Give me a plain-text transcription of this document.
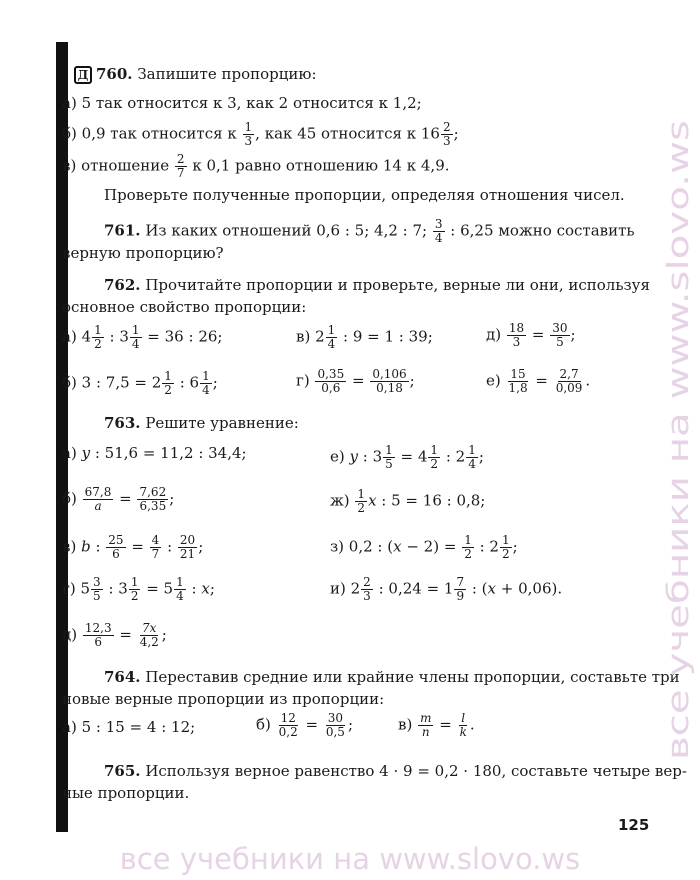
Д 760. Запишите пропорцию:
а) 5 так относится к 3, как 2 относится к 1,2;
б) 0,9 так относится к $\frac{1}{3}$ , как 45 относится к $16 \frac{2}{3}$ ;
в) отношение $\frac{2}{7}$ к 0,1 равно отношению 14 к 4,9.
Проверьте полученные пропорции, определяя отношения чисел.
761. Из каких отношений 0,6 : 5; 4,2 : 7; $\frac{3}{4}$ : 6,25 можно составить
верную пропорцию?
762. Прочитайте пропорции и проверьте, верные ли они, используя
основное свойство пропорции:
а) $4 \frac{1}{2}$ : $3 \frac{1}{4} = 36$ : 26;	в) $2 \frac{1}{4}$ : 9 = 1 : 39;	$д) \frac{18}{3} = \frac{30}{5}$ ;
б) 3 : $7,5 = 2 \frac{1}{2}$ : $6 \frac{1}{4}$ ;	$г) \frac{0,35}{0,6} = \frac{0,106}{0,18}$ ;	$е) \frac{15}{1,8} = \frac{2,7}{0,09}$ .
763. Решите уравнение:
а) y : 51,6 = 11,2 : 34,4;	е) y : $3 \frac{1}{5} = 4 \frac{1}{2}$ : $2 \frac{1}{4}$ ;
$б) \frac{67,8}{a} = \frac{7,62}{6,35}$ ;	$ж) \frac{1}{2}$ x : 5 = 16 : 0,8;
в) b : $\frac{25}{6} = \frac{4}{7}$ : $\frac{20}{21}$ ;	з) 0,2 : $(x - 2) = \frac{1}{2}$ : $2 \frac{1}{2}$ ;
г) $5 \frac{3}{5}$ : $3 \frac{1}{2} = 5 \frac{1}{4}$ : x;	и) $2 \frac{2}{3}$ : $0,24 = 1 \frac{7}{9}$ : (x + 0,06).
$д) \frac{12,3}{6} = \frac{7x}{4,2}$ ;
764. Переставив средние или крайние члены пропорции, составьте три
новые верные пропорции из пропорции:
а) 5 : 15 = 4 : 12;	$б) \frac{12}{0,2} = \frac{30}{0,5}$ ;	$в) \frac{m}{n} = \frac{l}{k}$ .
765. Используя верное равенство 4 · 9 = 0,2 · 180, составьте четыре вер-
ные пропорции.
125
все учебники на www.slovo.ws
все учебники на www.slovo.ws
